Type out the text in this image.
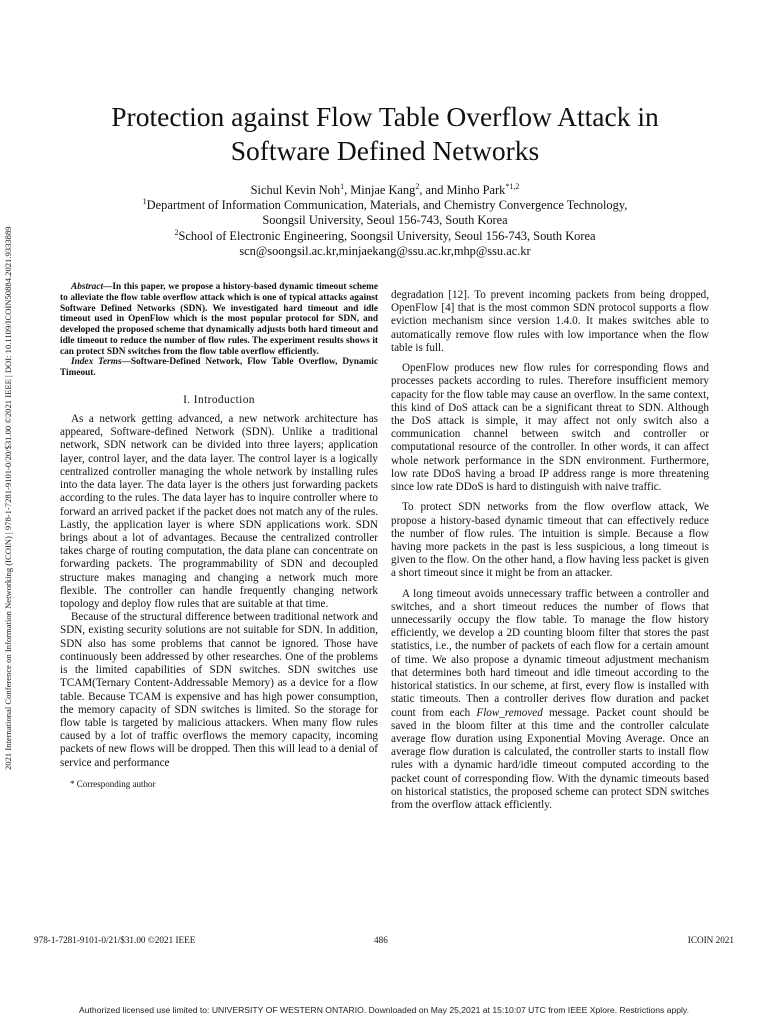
2021 International Conference on Information Networking (ICOIN) | 978-1-7281-9101-0/20/$31.00 ©2021 IEEE | DOI: 10.1109/ICOIN50884.2021.9333889
Protection against Flow Table Overflow Attack in
Software Defined Networks
Sichul Kevin Noh$^1$, Minjae Kang$^2$, and Minho Park$^{*1,2}$
$^1$Department of Information Communication, Materials, and Chemistry Convergence Technology,
Soongsil University, Seoul 156-743, South Korea
$^2$School of Electronic Engineering, Soongsil University, Seoul 156-743, South Korea
scn@soongsil.ac.kr,minjaekang@ssu.ac.kr,mhp@ssu.ac.kr

Abstract—In this paper, we propose a history-based dynamic timeout scheme to alleviate the flow table overflow attack which is one of typical attacks against Software Defined Networks (SDN). We investigated hard timeout and idle timeout used in OpenFlow which is the most popular protocol for SDN, and developed the proposed scheme that dynamically adjusts both hard timeout and idle timeout to reduce the number of flow rules. The experiment results shows it can protect SDN switches from the flow table overflow efficiently.

Index Terms—Software-Defined Network, Flow Table Overflow, Dynamic Timeout.

I. Introduction

As a network getting advanced, a new network architecture has appeared, Software-defined Network (SDN). Unlike a traditional network, SDN network can be divided into three layers; application layer, control layer, and the data layer. The control layer is a logically centralized controller managing the whole network by installing rules into the data layer. The data layer is the others just forwarding packets according to the rules. The data layer has to inquire controller where to forward an arrived packet if the packet does not match any of the rules. Lastly, the application layer is where SDN applications work. SDN brings about a lot of advantages. Because the centralized controller takes charge of routing computation, the data plane can concentrate on forwarding packets. The programmability of SDN and decoupled structure makes managing and changing a network much more flexible. The controller can handle frequently changing network topology and deploy flow rules that are suitable at that time.

Because of the structural difference between traditional network and SDN, existing security solutions are not suitable for SDN. In addition, SDN also has some problems that cannot be ignored. Those have continuously been addressed by other researches. One of the problems is the limited capabilities of SDN switches. SDN switches use TCAM(Ternary Content-Addressable Memory) as a device for a flow table. Because TCAM is expensive and has high power consumption, the memory capacity of SDN switches is limited. So the storage for flow table is targeted by malicious attackers. When many flow rules caused by a lot of traffic overflows the memory capacity, incoming packets of new flows will be dropped. Then this will lead to a denial of service and performance

* Corresponding author

degradation [12]. To prevent incoming packets from being dropped, OpenFlow [4] that is the most common SDN protocol supports a flow eviction mechanism since version 1.4.0. It makes switches able to automatically remove flow rules with low importance when the flow table is full.

OpenFlow produces new flow rules for corresponding flows and processes packets according to rules. Therefore insufficient memory capacity for the flow table may cause an overflow. In the same context, this kind of DoS attack can be a significant threat to SDN. Although the DoS attack is simple, it may affect not only switch also a communication channel between switch and controller or computational resource of the controller. In other words, it can affect whole network performance in the SDN environment. Furthermore, low rate DDoS having a broad IP address range is more threatening since low rate DDoS is hard to distinguish with naive traffic.

To protect SDN networks from the flow overflow attack, We propose a history-based dynamic timeout that can effectively reduce the number of flow rules. The intuition is simple. Because a flow having more packets in the past is less suspicious, a long timeout is given to the flow. On the other hand, a flow having less packet is given a short timeout since it might be from an attacker.

A long timeout avoids unnecessary traffic between a controller and switches, and a short timeout reduces the number of flows that unnecessarily occupy the flow table. To manage the flow history efficiently, we develop a 2D counting bloom filter that stores the past statistics, i.e., the number of packets of each flow for a certain amount of time. We also propose a dynamic timeout adjustment mechanism that determines both hard timeout and idle timeout according to the historical statistics. In our scheme, at first, every flow is installed with static timeouts. Then a controller derives flow duration and packet count from each Flow_removed message. Packet count should be saved in the bloom filter at this time and the controller calculate average flow duration using Exponential Moving Average. Once an average flow duration is calculated, the controller starts to install flow rules with a dynamic hard/idle timeout computed according to the packet count of corresponding flow. With the dynamic timeouts based on historical statistics, the proposed scheme can protect SDN switches from the overflow attack efficiently.

978-1-7281-9101-0/21/$31.00 ©2021 IEEE	486	ICOIN 2021
Authorized licensed use limited to: UNIVERSITY OF WESTERN ONTARIO. Downloaded on May 25,2021 at 15:10:07 UTC from IEEE Xplore. Restrictions apply.
